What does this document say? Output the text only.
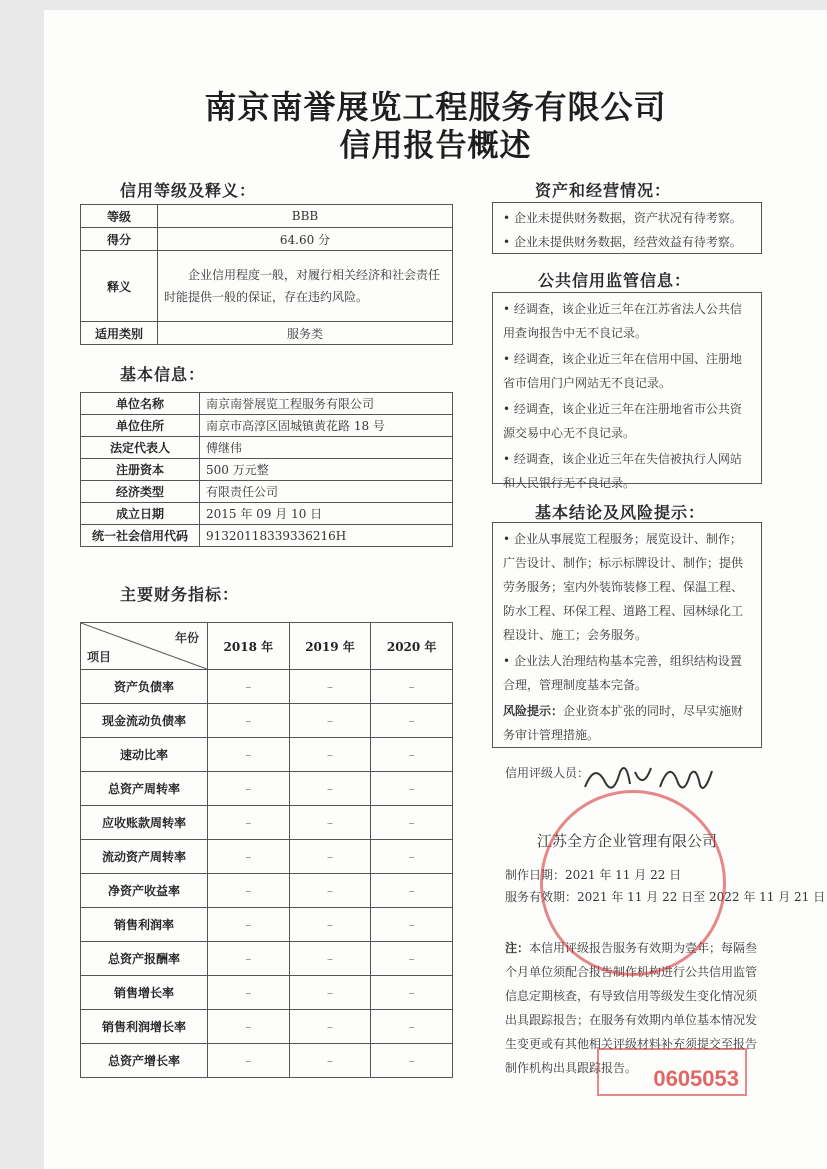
南京南誉展览工程服务有限公司
信用报告概述
信用等级及释义：
等级	BBB
得分	64.60 分
释义	企业信用程度一般，对履行相关经济和社会责任时能提供一般的保证，存在违约风险。
适用类别	服务类
基本信息：
单位名称	南京南誉展览工程服务有限公司
单位住所	南京市高淳区固城镇黄花路 18 号
法定代表人	傅继伟
注册资本	500 万元整
经济类型	有限责任公司
成立日期	2015 年 09 月 10 日
统一社会信用代码	91320118339336216H
主要财务指标：
年份
项目	2018 年	2019 年	2020 年
资产负债率	–	–	–
现金流动负债率	–	–	–
速动比率	–	–	–
总资产周转率	–	–	–
应收账款周转率	–	–	–
流动资产周转率	–	–	–
净资产收益率	–	–	–
销售利润率	–	–	–
总资产报酬率	–	–	–
销售增长率	–	–	–
销售利润增长率	–	–	–
总资产增长率	–	–	–
资产和经营情况：
• 企业未提供财务数据，资产状况有待考察。
• 企业未提供财务数据，经营效益有待考察。
公共信用监管信息：
• 经调查，该企业近三年在江苏省法人公共信用查询报告中无不良记录。
• 经调查，该企业近三年在信用中国、注册地省市信用门户网站无不良记录。
• 经调查，该企业近三年在注册地省市公共资源交易中心无不良记录。
• 经调查，该企业近三年在失信被执行人网站和人民银行无不良记录。
基本结论及风险提示：
• 企业从事展览工程服务；展览设计、制作；广告设计、制作；标示标牌设计、制作；提供劳务服务；室内外装饰装修工程、保温工程、防水工程、环保工程、道路工程、园林绿化工程设计、施工；会务服务。
• 企业法人治理结构基本完善，组织结构设置合理，管理制度基本完备。
风险提示：企业资本扩张的同时，尽早实施财务审计管理措施。
信用评级人员：
江苏全方企业管理有限公司
制作日期：2021 年 11 月 22 日
服务有效期：2021 年 11 月 22 日至 2022 年 11 月 21 日
注：本信用评级报告服务有效期为壹年；每隔叁个月单位须配合报告制作机构进行公共信用监管信息定期核查，有导致信用等级发生变化情况须出具跟踪报告；在服务有效期内单位基本情况发生变更或有其他相关评级材料补充须提交至报告制作机构出具跟踪报告。 0605053
